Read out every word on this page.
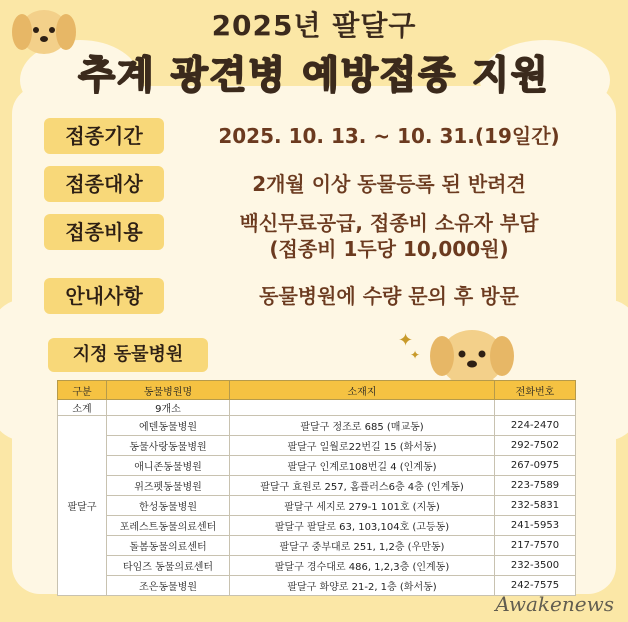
2025년 팔달구
추계 광견병 예방접종 지원
접종기간	2025. 10. 13. ~ 10. 31.(19일간)
접종대상	2개월 이상 동물등록 된 반려견
접종비용	백신무료공급, 접종비 소유자 부담
(접종비 1두당 10,000원)
안내사항	동물병원에 수량 문의 후 방문
지정 동물병원
✦
✦
구분	동물병원명	소재지	전화번호
소계	9개소		
팔달구	에덴동물병원	팔달구 정조로 685 (매교동)	224-2470
	동물사랑동물병원	팔달구 일월로22번길 15 (화서동)	292-7502
	애니존동물병원	팔달구 인계로108번길 4 (인계동)	267-0975
	위즈펫동물병원	팔달구 효원로 257, 홈플러스6층 4층 (인계동)	223-7589
	한성동물병원	팔달구 세지로 279-1 101호 (지동)	232-5831
	포레스트동물의료센터	팔달구 팔달로 63, 103,104호 (고등동)	241-5953
	돌봄동물의료센터	팔달구 중부대로 251, 1,2층 (우만동)	217-7570
	타임즈 동물의료센터	팔달구 경수대로 486, 1,2,3층 (인계동)	232-3500
	조은동물병원	팔달구 화양로 21-2, 1층 (화서동)	242-7575
Awakenews
